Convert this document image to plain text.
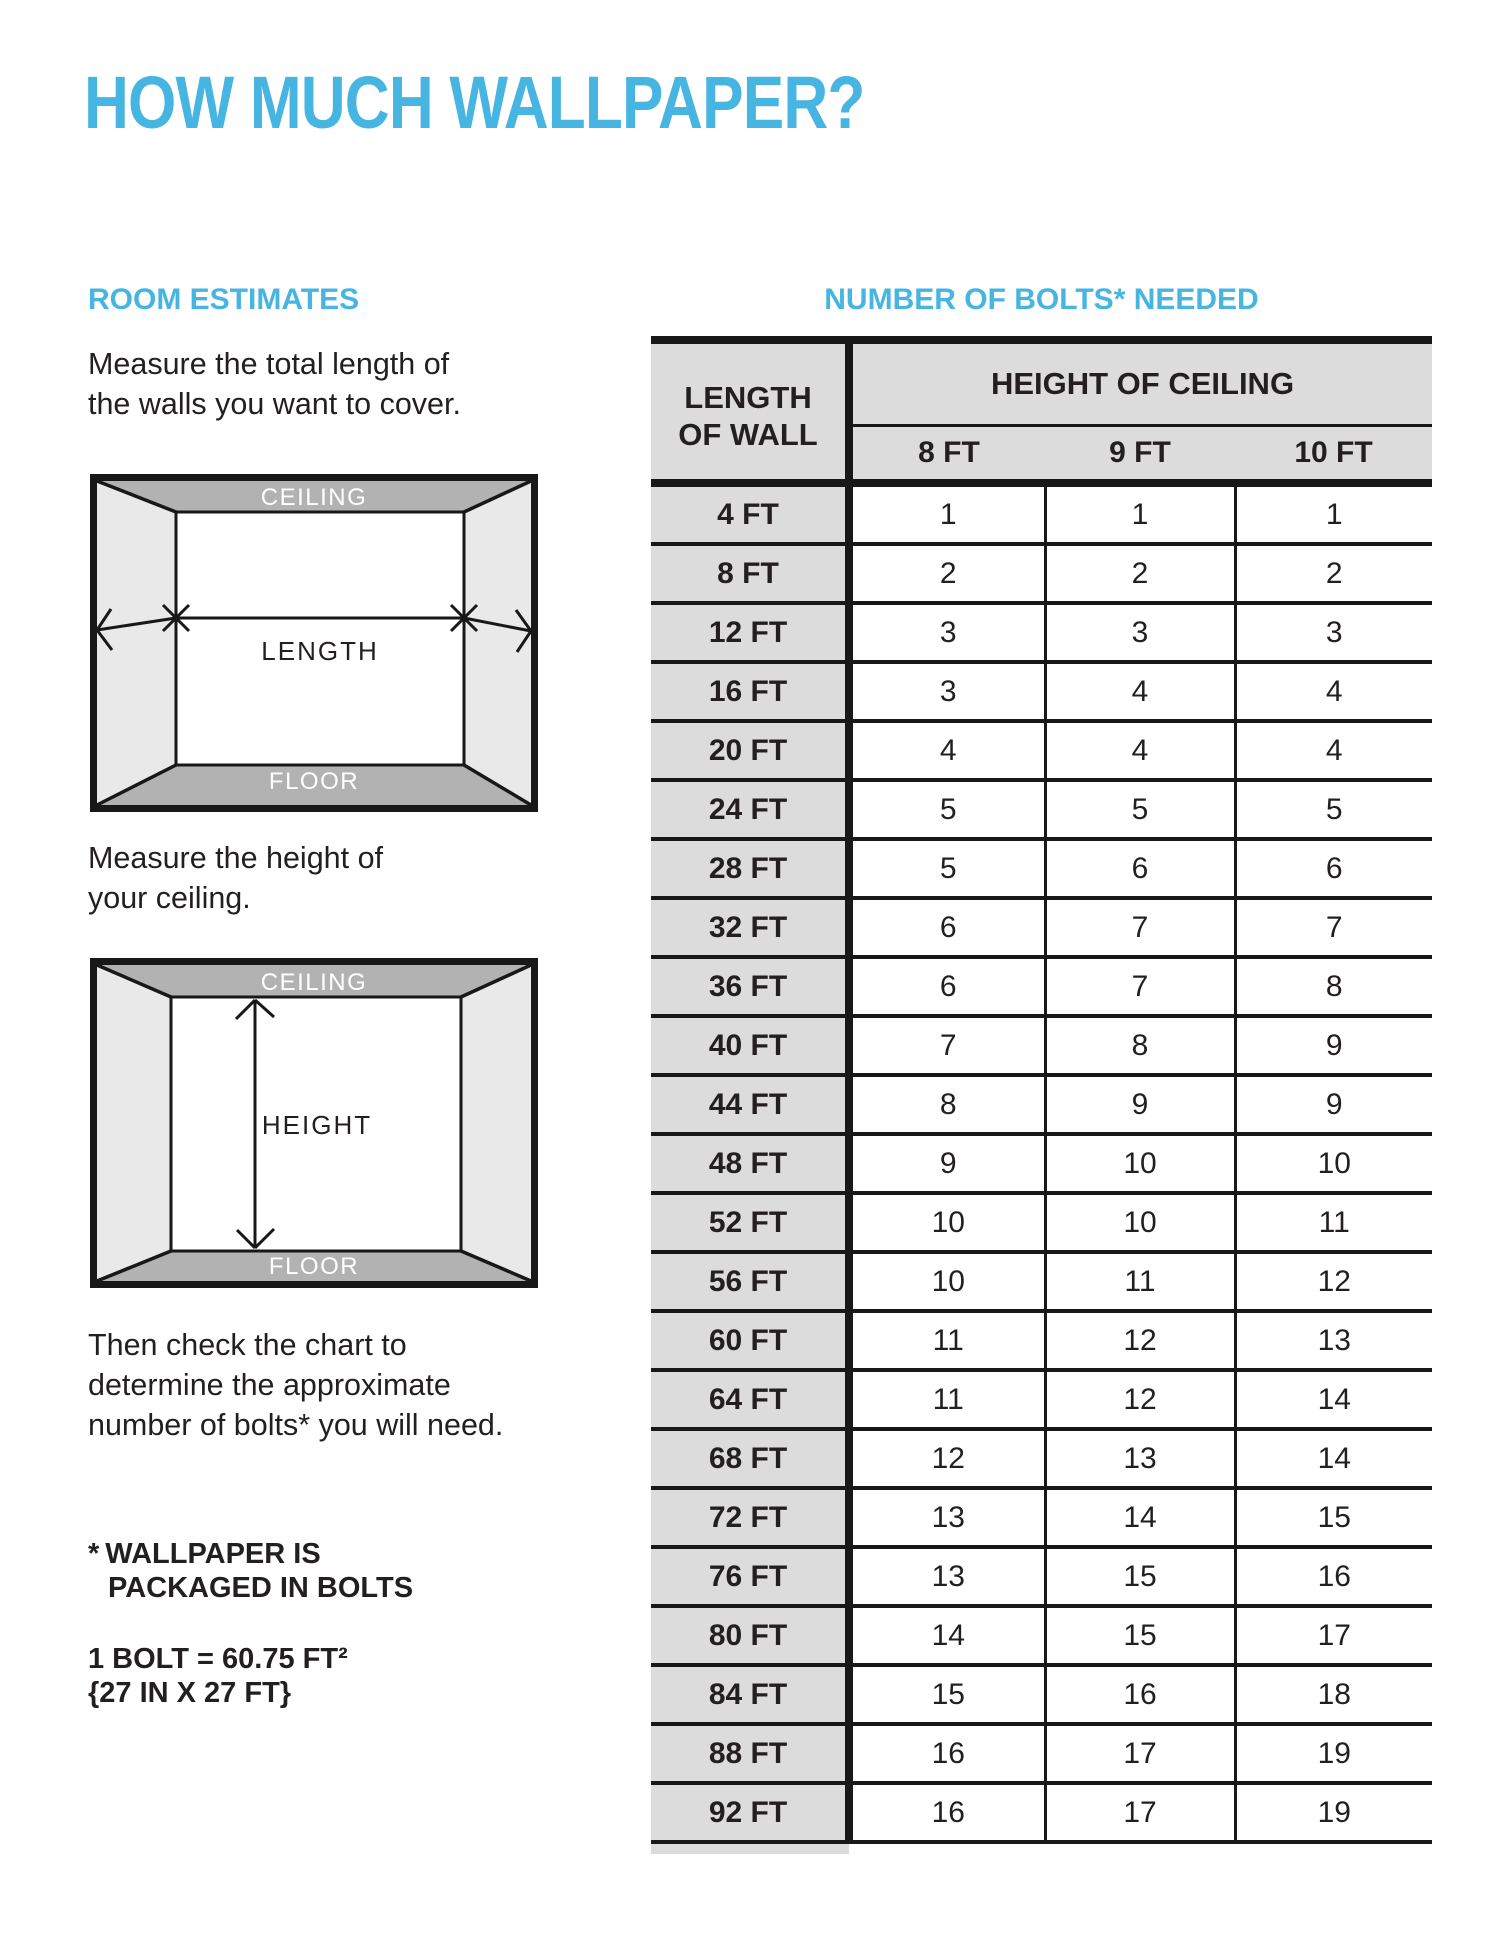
HOW MUCH WALLPAPER?
ROOM ESTIMATES	NUMBER OF BOLTS* NEEDED

Measure the total length of
the walls you want to cover.

CEILING
FLOOR
LENGTH

Measure the height of
your ceiling.

CEILING
FLOOR
HEIGHT

Then check the chart to
determine the approximate
number of bolts* you will need.

* WALLPAPER IS
PACKAGED IN BOLTS

1 BOLT = 60.75 FT²
{27 IN X 27 FT}

LENGTH
OF WALL	HEIGHT OF CEILING		
	8 FT	9 FT	10 FT
4 FT	1	1	1
8 FT	2	2	2
12 FT	3	3	3
16 FT	3	4	4
20 FT	4	4	4
24 FT	5	5	5
28 FT	5	6	6
32 FT	6	7	7
36 FT	6	7	8
40 FT	7	8	9
44 FT	8	9	9
48 FT	9	10	10
52 FT	10	10	11
56 FT	10	11	12
60 FT	11	12	13
64 FT	11	12	14
68 FT	12	13	14
72 FT	13	14	15
76 FT	13	15	16
80 FT	14	15	17
84 FT	15	16	18
88 FT	16	17	19
92 FT	16	17	19
